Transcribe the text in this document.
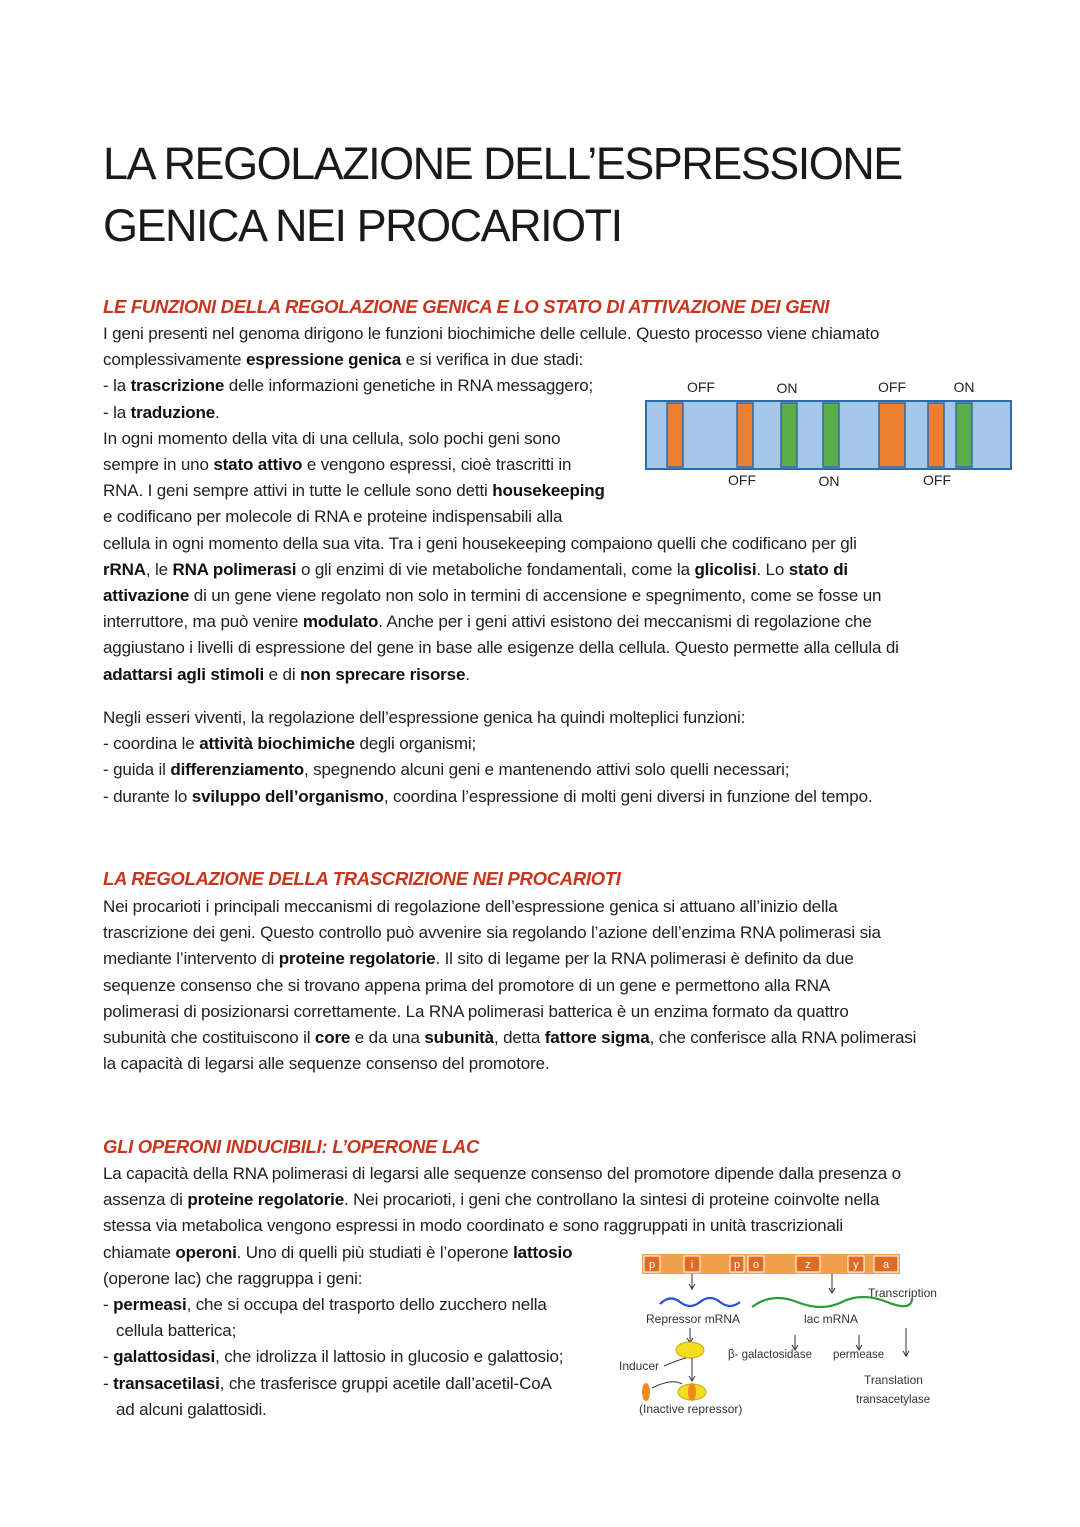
LA REGOLAZIONE DELL’ESPRESSIONE
GENICA NEI PROCARIOTI
LE FUNZIONI DELLA REGOLAZIONE GENICA E LO STATO DI ATTIVAZIONE DEI GENI

I geni presenti nel genoma dirigono le funzioni biochimiche delle cellule. Questo processo viene chiamato

complessivamente espressione genica e si verifica in due stadi:

- la trascrizione delle informazioni genetiche in RNA messaggero;

- la traduzione.

In ogni momento della vita di una cellula, solo pochi geni sono

sempre in uno stato attivo e vengono espressi, cioè trascritti in

RNA. I geni sempre attivi in tutte le cellule sono detti housekeeping

e codificano per molecole di RNA e proteine indispensabili alla

cellula in ogni momento della sua vita. Tra i geni housekeeping compaiono quelli che codificano per gli

rRNA, le RNA polimerasi o gli enzimi di vie metaboliche fondamentali, come la glicolisi. Lo stato di

attivazione di un gene viene regolato non solo in termini di accensione e spegnimento, come se fosse un

interruttore, ma può venire modulato. Anche per i geni attivi esistono dei meccanismi di regolazione che

aggiustano i livelli di espressione del gene in base alle esigenze della cellula. Questo permette alla cellula di

adattarsi agli stimoli e di non sprecare risorse.

Negli esseri viventi, la regolazione dell’espressione genica ha quindi molteplici funzioni:

- coordina le attività biochimiche degli organismi;

- guida il differenziamento, spegnendo alcuni geni e mantenendo attivi solo quelli necessari;

- durante lo sviluppo dell’organismo, coordina l’espressione di molti geni diversi in funzione del tempo.

OFF	ON	OFF	ON
OFF	ON	OFF
LA REGOLAZIONE DELLA TRASCRIZIONE NEI PROCARIOTI

Nei procarioti i principali meccanismi di regolazione dell’espressione genica si attuano all’inizio della

trascrizione dei geni. Questo controllo può avvenire sia regolando l’azione dell’enzima RNA polimerasi sia

mediante l’intervento di proteine regolatorie. Il sito di legame per la RNA polimerasi è definito da due

sequenze consenso che si trovano appena prima del promotore di un gene e permettono alla RNA

polimerasi di posizionarsi correttamente. La RNA polimerasi batterica è un enzima formato da quattro

subunità che costituiscono il core e da una subunità, detta fattore sigma, che conferisce alla RNA polimerasi

la capacità di legarsi alle sequenze consenso del promotore.

GLI OPERONI INDUCIBILI: L’OPERONE LAC

La capacità della RNA polimerasi di legarsi alle sequenze consenso del promotore dipende dalla presenza o

assenza di proteine regolatorie. Nei procarioti, i geni che controllano la sintesi di proteine coinvolte nella

stessa via metabolica vengono espressi in modo coordinato e sono raggruppati in unità trascrizionali

chiamate operoni. Uno di quelli più studiati è l’operone lattosio

(operone lac) che raggruppa i geni:

- permeasi, che si occupa del trasporto dello zucchero nella

cellula batterica;

- galattosidasi, che idrolizza il lattosio in glucosio e galattosio;

- transacetilasi, che trasferisce gruppi acetile dall’acetil-CoA

ad alcuni galattosidi.

p	i	p o	z	y a
Transcription
Repressor mRNA	lac mRNA
β- galactosidase permease
Inducer
Translation
transacetylase
(Inactive repressor)
